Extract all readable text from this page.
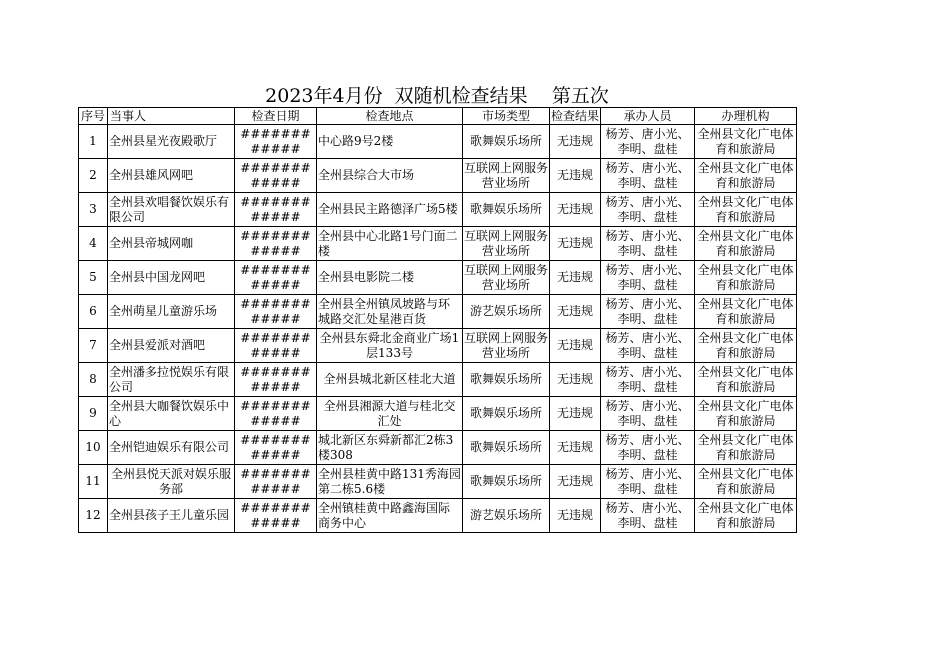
2023年4月份  双随机检查结果    第五次
序号	当事人	检查日期	检查地点	市场类型	检查结果	承办人员	办理机构

1	全州县星光夜殿歌厅	############	中心路9号2楼	歌舞娱乐场所	无违规	杨芳、唐小光、李明、盘桂	全州县文化广电体育和旅游局

2	全州县雄风网吧	############	全州县综合大市场	互联网上网服务营业场所	无违规	杨芳、唐小光、李明、盘桂	全州县文化广电体育和旅游局

3	全州县欢唱餐饮娱乐有限公司	############	全州县民主路德泽广场5楼	歌舞娱乐场所	无违规	杨芳、唐小光、李明、盘桂	全州县文化广电体育和旅游局

4	全州县帝城网咖	############	全州县中心北路1号门面二楼	互联网上网服务营业场所	无违规	杨芳、唐小光、李明、盘桂	全州县文化广电体育和旅游局

5	全州县中国龙网吧	############	全州县电影院二楼	互联网上网服务营业场所	无违规	杨芳、唐小光、李明、盘桂	全州县文化广电体育和旅游局

6	全州萌星儿童游乐场	############	全州县全州镇凤坡路与环城路交汇处星港百货	游艺娱乐场所	无违规	杨芳、唐小光、李明、盘桂	全州县文化广电体育和旅游局

7	全州县爱派对酒吧	############	全州县东舜北金商业广场1层133号	互联网上网服务营业场所	无违规	杨芳、唐小光、李明、盘桂	全州县文化广电体育和旅游局

8	全州潘多拉悦娱乐有限公司	############	全州县城北新区桂北大道	歌舞娱乐场所	无违规	杨芳、唐小光、李明、盘桂	全州县文化广电体育和旅游局

9	全州县大咖餐饮娱乐中心	############	全州县湘源大道与桂北交汇处	歌舞娱乐场所	无违规	杨芳、唐小光、李明、盘桂	全州县文化广电体育和旅游局

10	全州铠迪娱乐有限公司	############	城北新区东舜新都汇2栋3楼308	歌舞娱乐场所	无违规	杨芳、唐小光、李明、盘桂	全州县文化广电体育和旅游局

11	全州县悦天派对娱乐服务部	############	全州县桂黄中路131秀海园第二栋5.6楼	歌舞娱乐场所	无违规	杨芳、唐小光、李明、盘桂	全州县文化广电体育和旅游局

12	全州县孩子王儿童乐园	############	全州镇桂黄中路鑫海国际商务中心	游艺娱乐场所	无违规	杨芳、唐小光、李明、盘桂	全州县文化广电体育和旅游局
